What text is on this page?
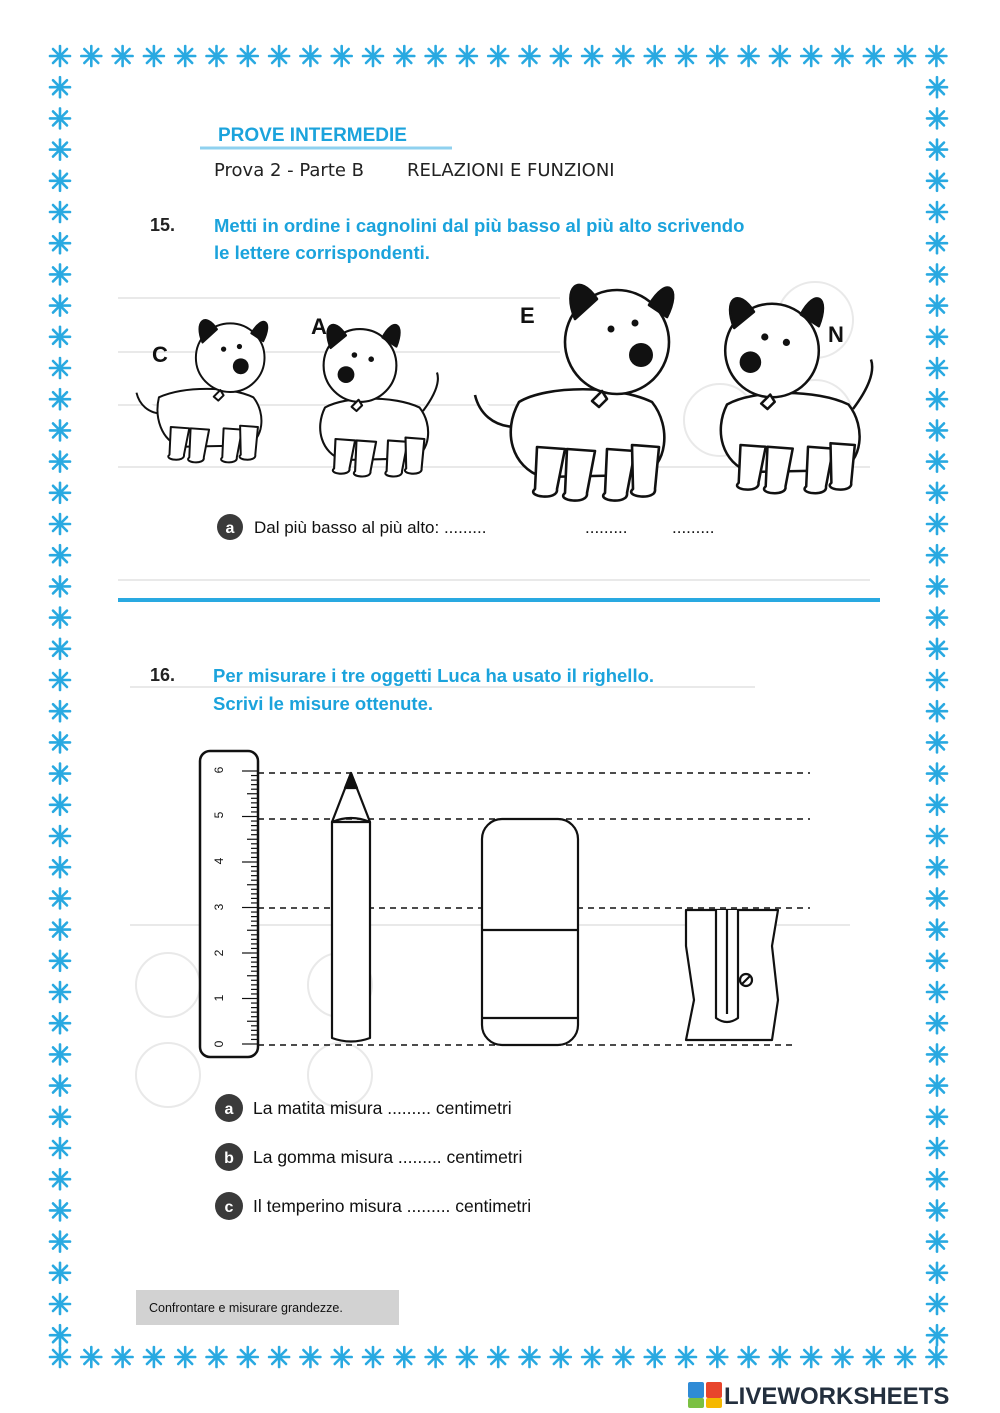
PROVE INTERMEDIE
Prova 2 - Parte B RELAZIONI E FUNZIONI
15. Metti in ordine i cagnolini dal più basso al più alto scrivendo
le lettere corrispondenti.
C
A	E
N
a Dal più basso al più alto: .........	.........	.........
16. Per misurare i tre oggetti Luca ha usato il righello.
Scrivi le misure ottenute.
0
1
2
3
4
5
6
a La matita misura ......... centimetri
b La gomma misura ......... centimetri
c Il temperino misura ......... centimetri
Confrontare e misurare grandezze.
LIVEWORKSHEETS
